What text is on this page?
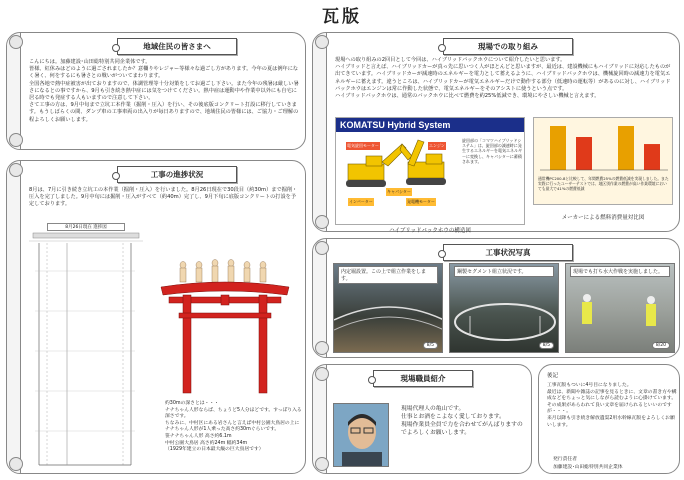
瓦版
地域住民の皆さまへ
こんにちは。加藤建設･山田総特別共同企業体です。
皆様、紅休みはどのように過ごされましたか？意欄りやレジャー等様々な過ごし方があります。今年の夏は例年になく暑く、何をするにも暑さとの戦いがついてまわります。
全国各地で熱中症被害が出ておりますので、体調管理等十分対策をしてお過ごし下さい。また今年の残暑は厳しい暑さになるとの事ですから、9月も引き続き熱中症には気をつけてください。熱中症は運動中や作業中以外にも自宅に居る時でも発症する人もいますので注意して下さい。
さて工事の方は、9月中旬まで立坑工本作業（掘削・圧入）を行い、その後底版コンクリート打設に移行していきます。もうしばらくの間、ダンプ車の工事車両の出入りが毎日ありますので、地域住民の皆様には、ご協力・ご理解の程よろしくお願いします。
工事の進捗状況
8月は、7月に引き続き立坑工の本作業（掘削・圧入）を行いました。8月26日現在で30段目（約30m）まで掘削・圧入を完了しました。9月中旬には掘削・圧入がすべて（約40m）完了し、9月下旬に底版コンクリートの打設を予定しております。
8月26日現在 進捗図
約30mの深さとは・・・
ナナちゃん人形ならば、ちょうど5人分ほどです。すっぽり入る深さです。
ちなみに、中村区にある岩さんと言えば中村公園大鳥居の上にナナちゃん人形が1人乗った高さ約30mぐらいです。
笹ナナちゃん人形 高さ約6.1m
中村公園大鳥居 高さ約24m 幅約34m
（1929年建立の日本最大級の巨大鳥居です）
現場での取り組み
現場への取り組みの2回目として今回は、ハイブリッドバックホウについて紹介したいと思います。
ハイブリッドと言えば、ハイブリッドカーが真っ先に思いつく人がほとんどと思いますが、最近は、建設機械にもハイブリッドに対応したものが出てきています。ハイブリッドカーが減速時のエネルギーを電力として蓄えるように、ハイブリッドバックホウは、機械旋回時の減速力を電気エネルギーに蓄えます。違うところは、ハイブリッドカーが電気エネルギーだけで動作する部分（低速時の運転等）があるのに対し、ハイブリッドバックホウはエンジンは常に作動した状態で、電気エネルギーをそのアシストに使うという点です。
ハイブリッドバックホウは、通常のバックホウに比べて燃費を約25%低減でき、環境にやさしい機械と言えます。
KOMATSU Hybrid System
電気旋回モーター
キャパシター
インバーター	発電機モーター
エンジン
旋回部の「コマツハイブリッドシステム」は、旋回部の減速時に発生するエネルギーを電気エネルギーに変換し、キャパシターに蓄積されます。
ハイブリッドバックホウの構造図
通常機PC200-8と比較して、年間燃費25%の燃費低減を実現しました。また実際に行ったユーザーテストでは、地区別作業の燃費が高い作業環境においても最大で41%の燃費低減
メーカーによる燃料消費量対比図
工事状況写真
内定堀設置。この上で組立作業をします。
8/5
鋼製セグメント組立状況です。
8/5
現場でも打ち水大作戦を実施しました。
8/20
現場職員紹介
現場代理人の亀山です。
仕事とお酒をこよなく愛しております。
現場作業員全員で力を合わせてがんばりますのでよろしくお願いします。
後記
工事瓦版もついに4号目になりました。
最近は、新聞や雑誌の記事を見るときに、文章の書き方や構成などをちょっと気にしながら読むように心掛けています。その成果があらわれて良い文章を届けられるといいのですが・・・。
来月以降も引き続き解放遺渠2用水幹線瓦版をよろしくお願いします。
発行責任者
加藤建設･山田総特別共同企業体
